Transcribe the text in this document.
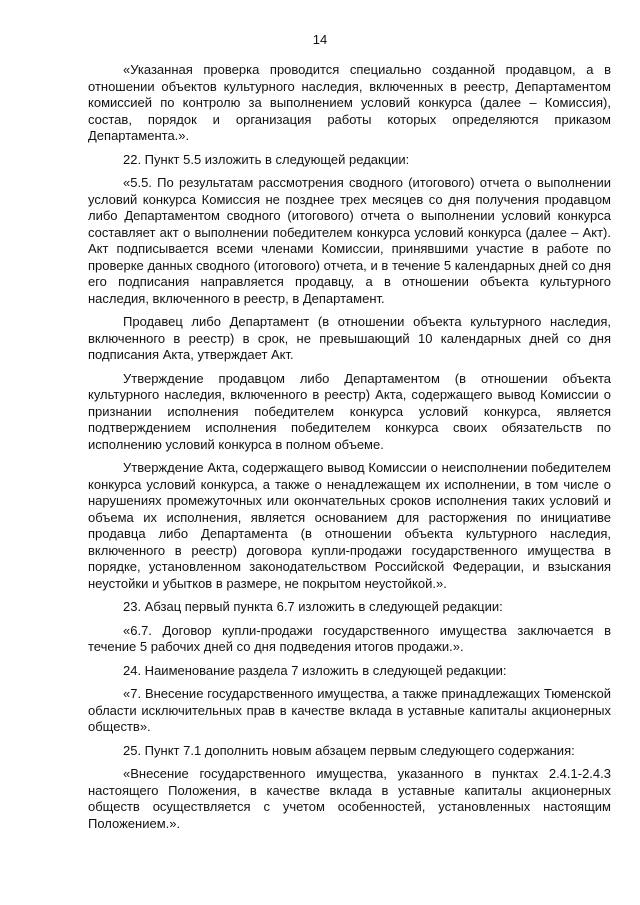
14

«Указанная проверка проводится специально созданной продавцом, а в отношении объектов культурного наследия, включенных в реестр, Департаментом комиссией по контролю за выполнением условий конкурса (далее – Комиссия), состав, порядок и организация работы которых определяются приказом Департамента.».

22. Пункт 5.5 изложить в следующей редакции:

«5.5. По результатам рассмотрения сводного (итогового) отчета о выполнении условий конкурса Комиссия не позднее трех месяцев со дня получения продавцом либо Департаментом сводного (итогового) отчета о выполнении условий конкурса составляет акт о выполнении победителем конкурса условий конкурса (далее – Акт). Акт подписывается всеми членами Комиссии, принявшими участие в работе по проверке данных сводного (итогового) отчета, и в течение 5 календарных дней со дня его подписания направляется продавцу, а в отношении объекта культурного наследия, включенного в реестр, в Департамент.

Продавец либо Департамент (в отношении объекта культурного наследия, включенного в реестр) в срок, не превышающий 10 календарных дней со дня подписания Акта, утверждает Акт.

Утверждение продавцом либо Департаментом (в отношении объекта культурного наследия, включенного в реестр) Акта, содержащего вывод Комиссии о признании исполнения победителем конкурса условий конкурса, является подтверждением исполнения победителем конкурса своих обязательств по исполнению условий конкурса в полном объеме.

Утверждение Акта, содержащего вывод Комиссии о неисполнении победителем конкурса условий конкурса, а также о ненадлежащем их исполнении, в том числе о нарушениях промежуточных или окончательных сроков исполнения таких условий и объема их исполнения, является основанием для расторжения по инициативе продавца либо Департамента (в отношении объекта культурного наследия, включенного в реестр) договора купли-продажи государственного имущества в порядке, установленном законодательством Российской Федерации, и взыскания неустойки и убытков в размере, не покрытом неустойкой.».

23. Абзац первый пункта 6.7 изложить в следующей редакции:

«6.7. Договор купли-продажи государственного имущества заключается в течение 5 рабочих дней со дня подведения итогов продажи.».

24. Наименование раздела 7 изложить в следующей редакции:

«7. Внесение государственного имущества, а также принадлежащих Тюменской области исключительных прав в качестве вклада в уставные капиталы акционерных обществ».

25. Пункт 7.1 дополнить новым абзацем первым следующего содержания:

«Внесение государственного имущества, указанного в пунктах 2.4.1-2.4.3 настоящего Положения, в качестве вклада в уставные капиталы акционерных обществ осуществляется с учетом особенностей, установленных настоящим Положением.».
